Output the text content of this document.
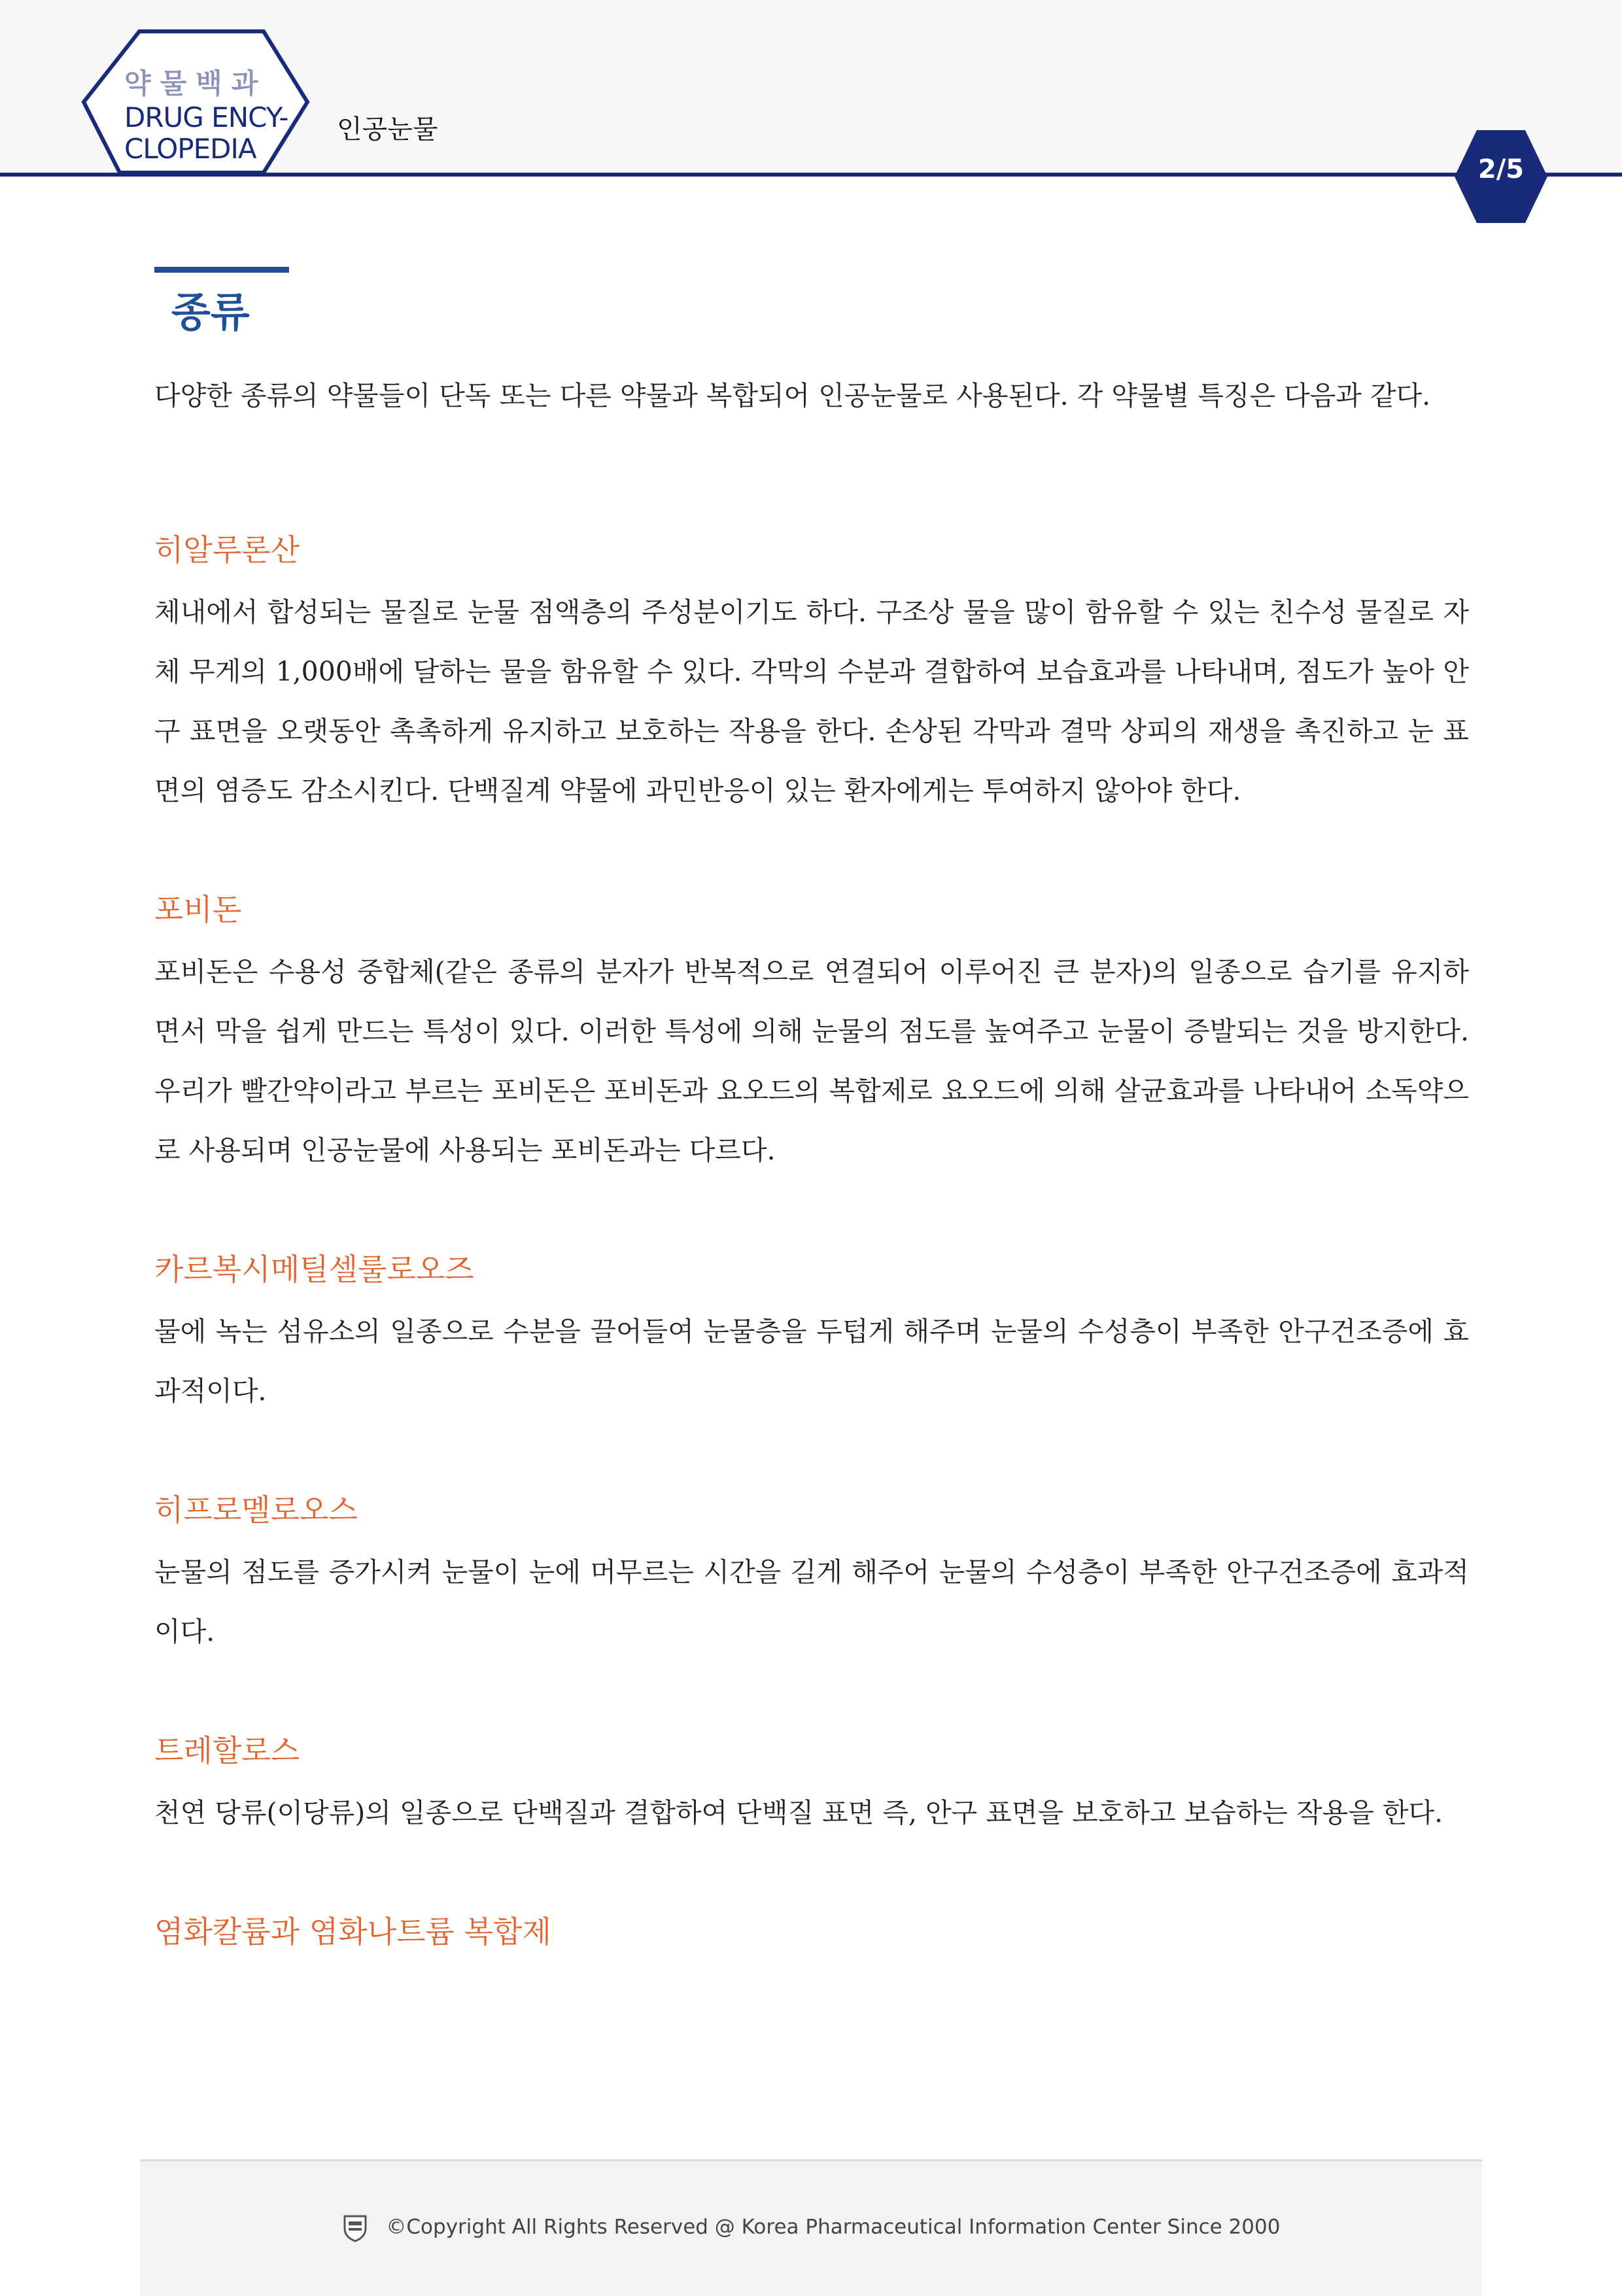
약물백과
DRUG ENCY-
CLOPEDIA
인공눈물
2/5
종류

다양한 종류의 약물들이 단독 또는 다른 약물과 복합되어 인공눈물로 사용된다. 각 약물별 특징은 다음과 같다.

히알루론산

체내에서 합성되는 물질로 눈물 점액층의 주성분이기도 하다. 구조상 물을 많이 함유할 수 있는 친수성 물질로 자체 무게의 1,000배에 달하는 물을 함유할 수 있다. 각막의 수분과 결합하여 보습효과를 나타내며, 점도가 높아 안구 표면을 오랫동안 촉촉하게 유지하고 보호하는 작용을 한다. 손상된 각막과 결막 상피의 재생을 촉진하고 눈 표면의 염증도 감소시킨다. 단백질계 약물에 과민반응이 있는 환자에게는 투여하지 않아야 한다.

포비돈

포비돈은 수용성 중합체(같은 종류의 분자가 반복적으로 연결되어 이루어진 큰 분자)의 일종으로 습기를 유지하면서 막을 쉽게 만드는 특성이 있다. 이러한 특성에 의해 눈물의 점도를 높여주고 눈물이 증발되는 것을 방지한다. 우리가 빨간약이라고 부르는 포비돈은 포비돈과 요오드의 복합제로 요오드에 의해 살균효과를 나타내어 소독약으로 사용되며 인공눈물에 사용되는 포비돈과는 다르다.

카르복시메틸셀룰로오즈

물에 녹는 섬유소의 일종으로 수분을 끌어들여 눈물층을 두텁게 해주며 눈물의 수성층이 부족한 안구건조증에 효과적이다.

히프로멜로오스

눈물의 점도를 증가시켜 눈물이 눈에 머무르는 시간을 길게 해주어 눈물의 수성층이 부족한 안구건조증에 효과적이다.

트레할로스

천연 당류(이당류)의 일종으로 단백질과 결합하여 단백질 표면 즉, 안구 표면을 보호하고 보습하는 작용을 한다.

염화칼륨과 염화나트륨 복합제

©Copyright All Rights Reserved @ Korea Pharmaceutical Information Center Since 2000
